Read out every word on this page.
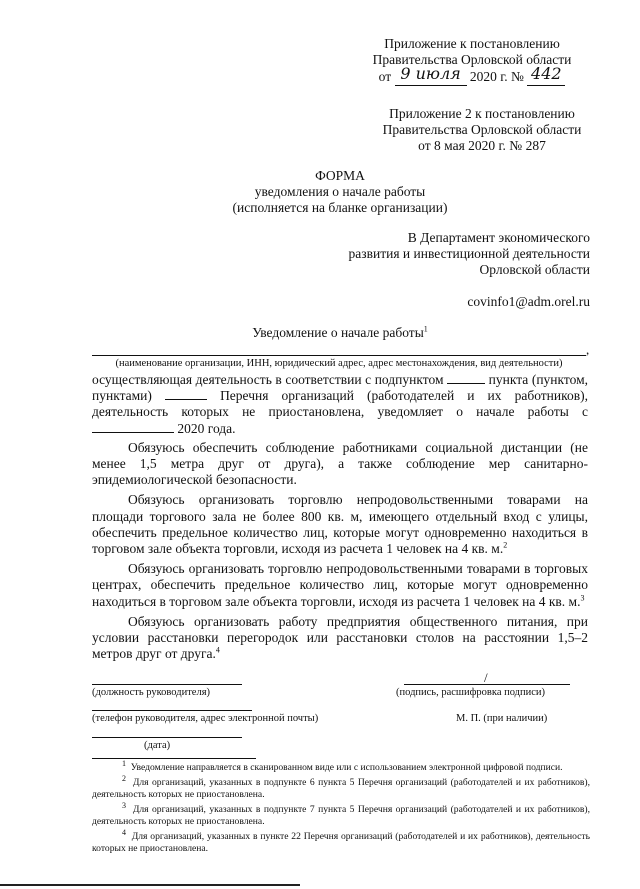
Приложение к постановлению
Правительства Орловской области
от 9 июля 2020 г. № 442
Приложение 2 к постановлению
Правительства Орловской области
от 8 мая 2020 г. № 287
ФОРМА
уведомления о начале работы
(исполняется на бланке организации)
В Департамент экономического
развития и инвестиционной деятельности
Орловской области
covinfo1@adm.orel.ru
Уведомление о начале работы$^1$
,
(наименование организации, ИНН, юридический адрес, адрес местонахождения, вид деятельности)
осуществляющая деятельность в соответствии с подпунктом	пункта (пунктом, пунктами)	Перечня организаций (работодателей и их работников), деятельность которых не приостановлена, уведомляет о начале работы с  2020 года.
Обязуюсь обеспечить соблюдение работниками социальной дистанции (не менее 1,5 метра друг от друга), а также соблюдение мер санитарно-эпидемиологической безопасности.
Обязуюсь организовать торговлю непродовольственными товарами на площади торгового зала не более 800 кв. м, имеющего отдельный вход с улицы, обеспечить предельное количество лиц, которые могут одновременно находиться в торговом зале объекта торговли, исходя из расчета 1 человек на 4 кв. м.$^2$
Обязуюсь организовать торговлю непродовольственными товарами в торговых центрах, обеспечить предельное количество лиц, которые могут одновременно находиться в торговом зале объекта торговли, исходя из расчета 1 человек на 4 кв. м.$^3$
Обязуюсь организовать работу предприятия общественного питания, при условии расстановки перегородок или расстановки столов на расстоянии 1,5–2 метров друг от друга.$^4$
(должность руководителя)
/
(подпись, расшифровка подписи)
(телефон руководителя, адрес электронной почты)	М. П. (при наличии)
(дата)
$^1$ Уведомление направляется в сканированном виде или с использованием электронной цифровой подписи.
$^2$ Для организаций, указанных в подпункте 6 пункта 5 Перечня организаций (работодателей и их работников), деятельность которых не приостановлена.
$^3$ Для организаций, указанных в подпункте 7 пункта 5 Перечня организаций (работодателей и их работников), деятельность которых не приостановлена.
$^4$ Для организаций, указанных в пункте 22 Перечня организаций (работодателей и их работников), деятельность которых не приостановлена.
